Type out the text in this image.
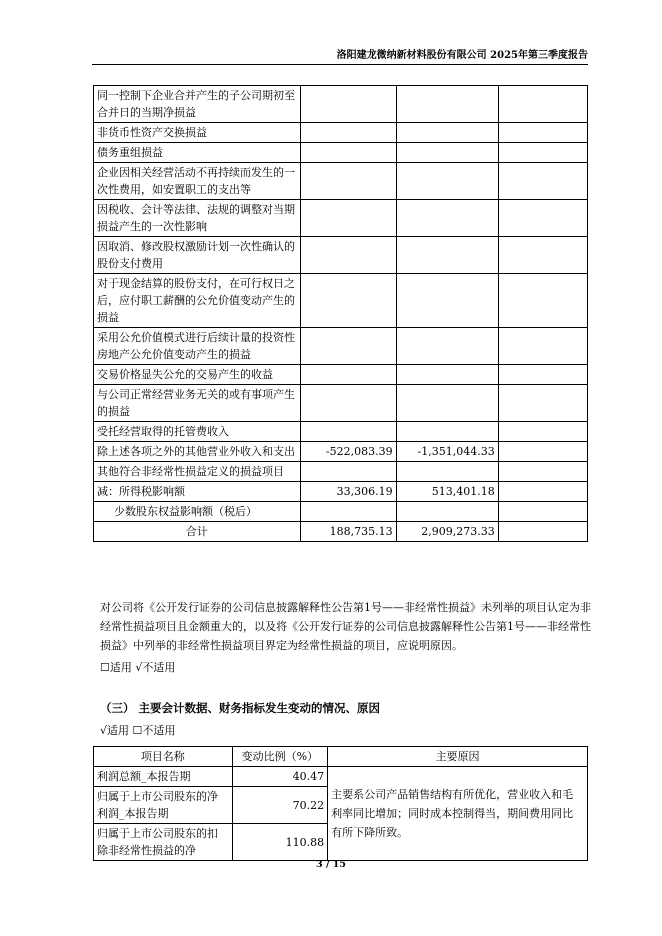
洛阳建龙微纳新材料股份有限公司 2025年第三季度报告
同一控制下企业合并产生的子公司期初至合并日的当期净损益			
非货币性资产交换损益			
债务重组损益			
企业因相关经营活动不再持续而发生的一次性费用，如安置职工的支出等			
因税收、会计等法律、法规的调整对当期损益产生的一次性影响			
因取消、修改股权激励计划一次性确认的股份支付费用			
对于现金结算的股份支付，在可行权日之后，应付职工薪酬的公允价值变动产生的损益			
采用公允价值模式进行后续计量的投资性房地产公允价值变动产生的损益			
交易价格显失公允的交易产生的收益			
与公司正常经营业务无关的或有事项产生的损益			
受托经营取得的托管费收入			
除上述各项之外的其他营业外收入和支出	-522,083.39	-1,351,044.33	
其他符合非经常性损益定义的损益项目			
减：所得税影响额	33,306.19	513,401.18	
少数股东权益影响额（税后）			
合计	188,735.13	2,909,273.33	
对公司将《公开发行证券的公司信息披露解释性公告第1号——非经常性损益》未列举的项目认定为非经常性损益项目且金额重大的，以及将《公开发行证券的公司信息披露解释性公告第1号——非经常性损益》中列举的非经常性损益项目界定为经常性损益的项目，应说明原因。
☐适用 √不适用
（三） 主要会计数据、财务指标发生变动的情况、原因
√适用 ☐不适用
项目名称	变动比例（%）	主要原因
利润总额_本报告期	40.47	主要系公司产品销售结构有所优化，营业收入和毛利率同比增加；同时成本控制得当，期间费用同比有所下降所致。
归属于上市公司股东的净利润_本报告期	70.22	
归属于上市公司股东的扣除非经常性损益的净	110.88	
3 / 15
